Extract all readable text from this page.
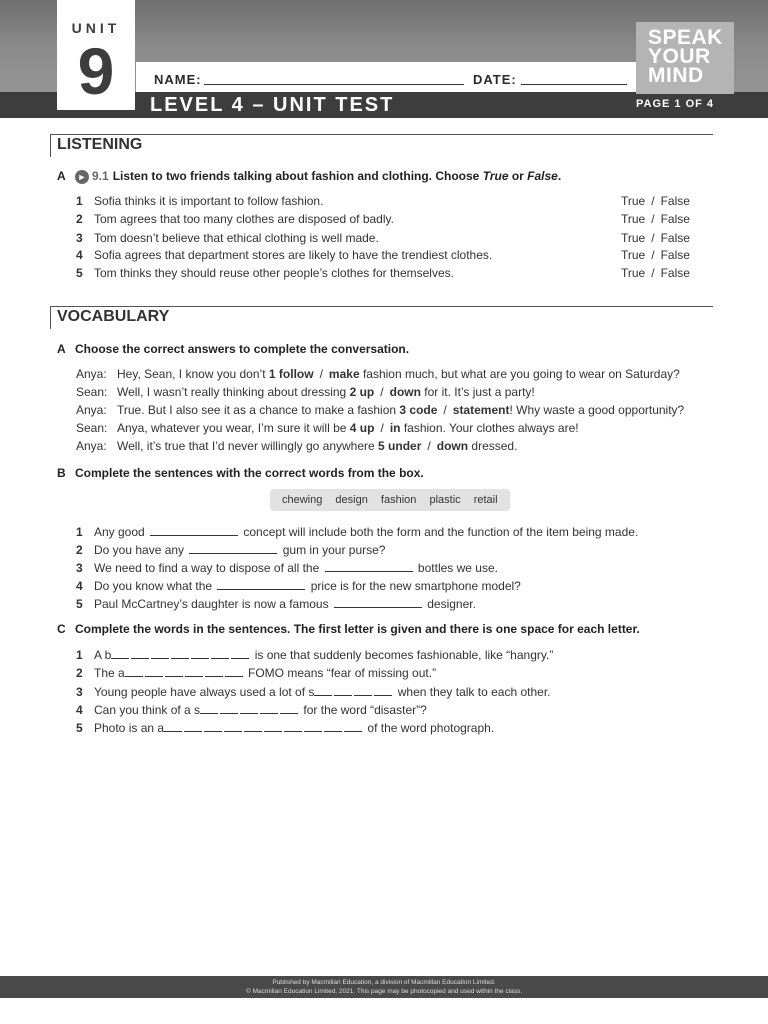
UNIT
9	NAME:	DATE:
LEVEL 4 – UNIT TEST
SPEAK
YOUR
MIND
PAGE 1 OF 4
LISTENING
A ► 9.1 Listen to two friends talking about fashion and clothing. Choose True or False.
1 Sofia thinks it is important to follow fashion.	True / False
2 Tom agrees that too many clothes are disposed of badly.	True / False
3 Tom doesn’t believe that ethical clothing is well made.	True / False
4 Sofia agrees that department stores are likely to have the trendiest clothes.	True / False
5 Tom thinks they should reuse other people’s clothes for themselves.	True / False
VOCABULARY
A Choose the correct answers to complete the conversation.
Anya: Hey, Sean, I know you don’t 1 follow / make fashion much, but what are you going to wear on Saturday?
Sean: Well, I wasn’t really thinking about dressing 2 up / down for it. It’s just a party!
Anya: True. But I also see it as a chance to make a fashion 3 code / statement! Why waste a good opportunity?
Sean: Anya, whatever you wear, I’m sure it will be 4 up / in fashion. Your clothes always are!
Anya: Well, it’s true that I’d never willingly go anywhere 5 under / down dressed.
B Complete the sentences with the correct words from the box.
chewing design fashion plastic retail
1 Any good	concept will include both the form and the function of the item being made.
2 Do you have any	gum in your purse?
3 We need to find a way to dispose of all the	bottles we use.
4 Do you know what the	price is for the new smartphone model?
5 Paul McCartney’s daughter is now a famous	designer.
C Complete the words in the sentences. The first letter is given and there is one space for each letter.
1 A b	is one that suddenly becomes fashionable, like “hangry.”
2 The a	FOMO means “fear of missing out.”
3 Young people have always used a lot of s	when they talk to each other.
4 Can you think of a s	for the word “disaster”?
5 Photo is an a	of the word photograph.
Published by Macmillan Education, a division of Macmillan Education Limited.
© Macmillan Education Limited, 2021. This page may be photocopied and used within the class.
